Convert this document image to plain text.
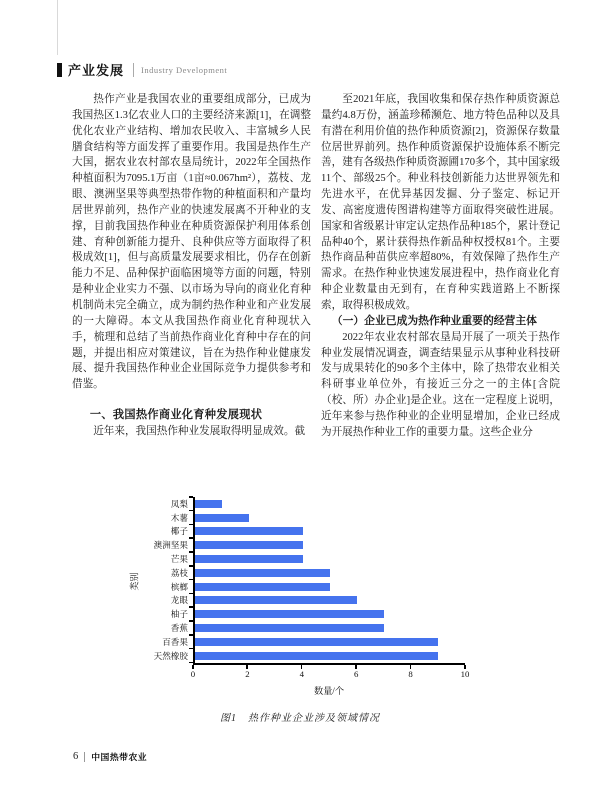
产业发展 Industry Development

热作产业是我国农业的重要组成部分，已成为我国热区1.3亿农业人口的主要经济来源[1]，在调整优化农业产业结构、增加农民收入、丰富城乡人民膳食结构等方面发挥了重要作用。我国是热作生产大国，据农业农村部农垦局统计，2022年全国热作种植面积为7095.1万亩（1亩≈0.067hm²），荔枝、龙眼、澳洲坚果等典型热带作物的种植面积和产量均居世界前列，热作产业的快速发展离不开种业的支撑，目前我国热作种业在种质资源保护利用体系创建、育种创新能力提升、良种供应等方面取得了积极成效[1]，但与高质量发展要求相比，仍存在创新能力不足、品种保护面临困境等方面的问题，特别是种业企业实力不强、以市场为导向的商业化育种机制尚未完全确立，成为制约热作种业和产业发展的一大障碍。本文从我国热作商业化育种现状入手，梳理和总结了当前热作商业化育种中存在的问题，并提出相应对策建议，旨在为热作种业健康发展、提升我国热作种业企业国际竞争力提供参考和借鉴。

一、我国热作商业化育种发展现状

近年来，我国热作种业发展取得明显成效。截

至2021年底，我国收集和保存热作种质资源总量约4.8万份，涵盖珍稀濒危、地方特色品种以及具有潜在利用价值的热作种质资源[2]，资源保存数量位居世界前列。热作种质资源保护设施体系不断完善，建有各级热作种质资源圃170多个，其中国家级11个、部级25个。种业科技创新能力达世界领先和先进水平，在优异基因发掘、分子鉴定、标记开发、高密度遗传图谱构建等方面取得突破性进展。国家和省级累计审定认定热作品种185个，累计登记品种40个，累计获得热作新品种权授权81个。主要热作商品种苗供应率超80%，有效保障了热作生产需求。在热作种业快速发展进程中，热作商业化育种企业数量由无到有，在育种实践道路上不断探索，取得积极成效。

（一）企业已成为热作种业重要的经营主体

2022年农业农村部农垦局开展了一项关于热作种业发展情况调查，调查结果显示从事种业科技研发与成果转化的90多个主体中，除了热带农业相关科研事业单位外，有接近三分之一的主体[含院（校、所）办企业]是企业。这在一定程度上说明，近年来参与热作种业的企业明显增加，企业已经成为开展热作种业工作的重要力量。这些企业分

类别
凤梨
木薯
椰子
澳洲坚果
芒果
荔枝
槟榔
龙眼
柚子
香蕉
百香果
天然橡胶
0	2	4	6	8	10
数量/个
图1　热作种业企业涉及领域情况
6 中国热带农业
